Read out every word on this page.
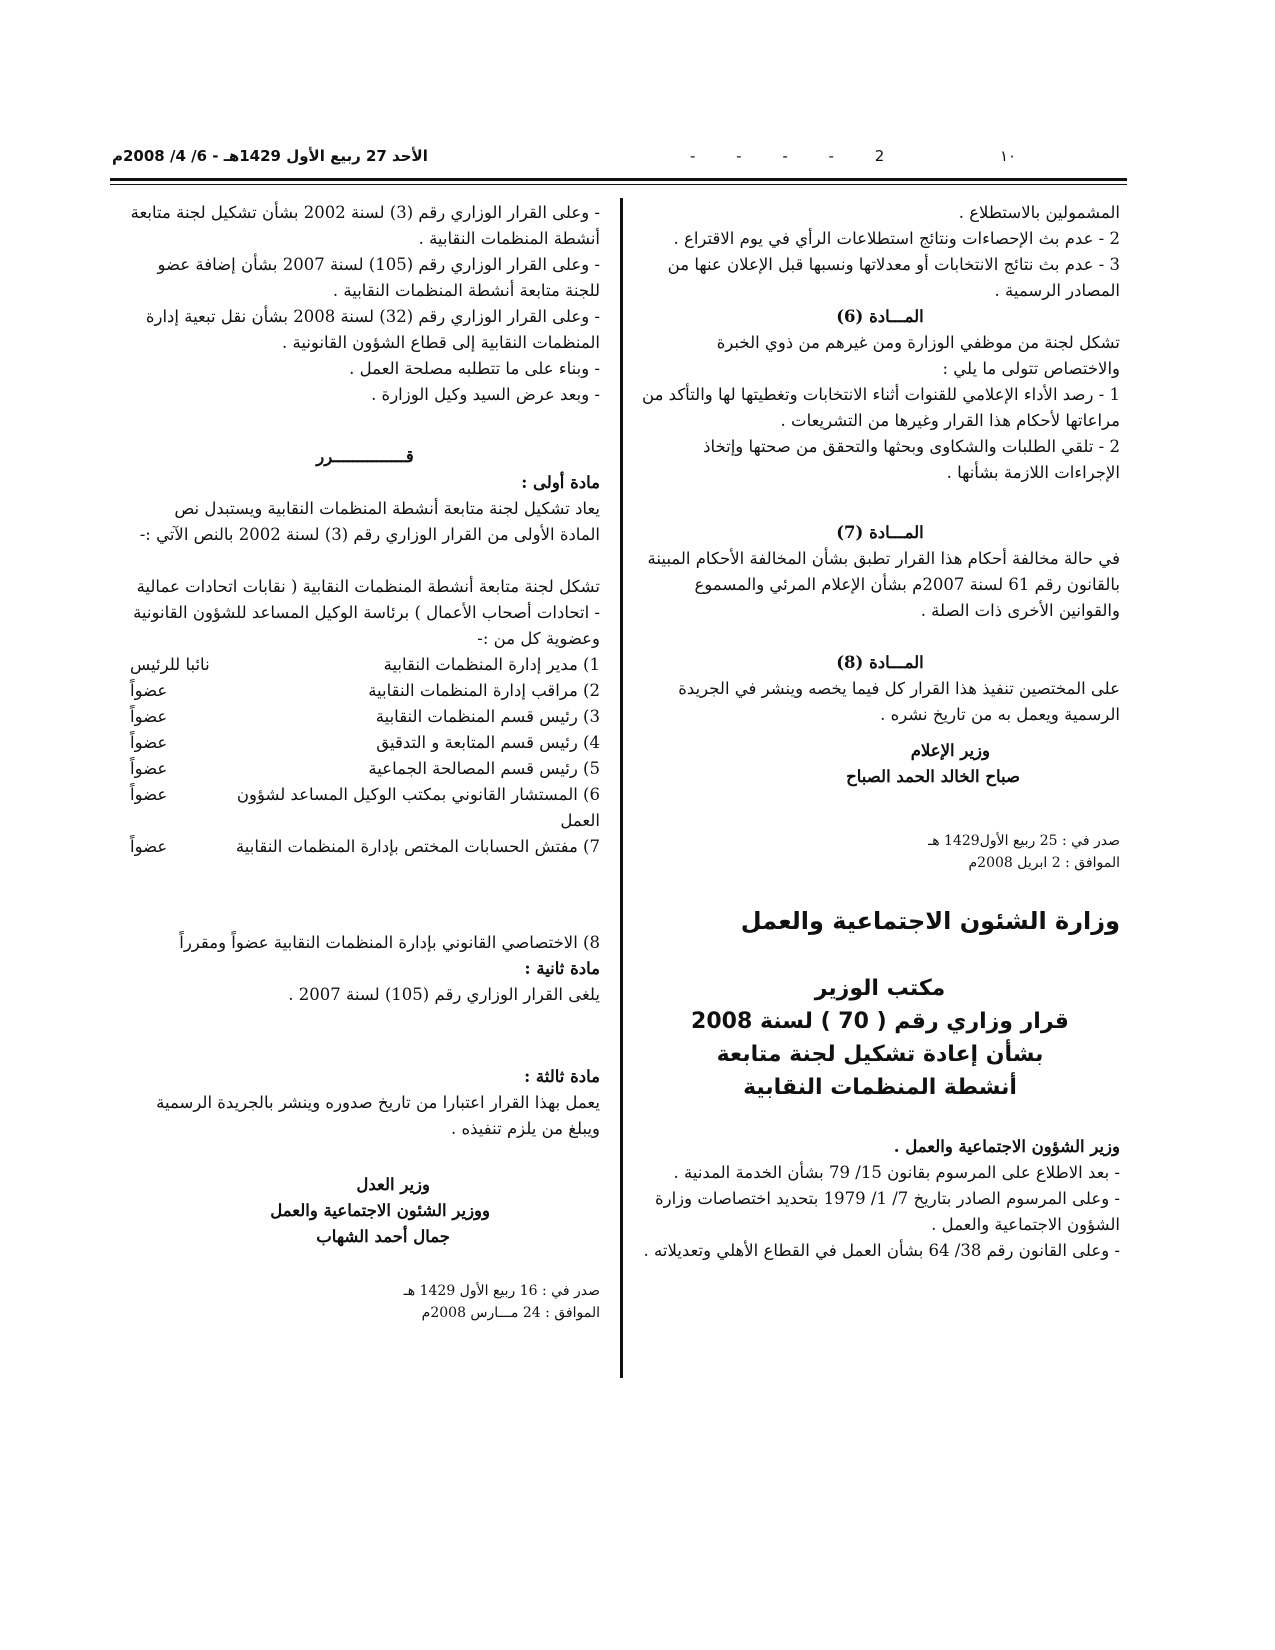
الأحد 27 ربيع الأول 1429هـ - 6/ 4/ 2008م	2 - - - -	١٠

المشمولين بالاستطلاع .

2 - عدم بث الإحصاءات ونتائج استطلاعات الرأي في يوم الاقتراع .

3 - عدم بث نتائج الانتخابات أو معدلاتها ونسبها قبل الإعلان عنها من المصادر الرسمية .

المـــادة (6)

تشكل لجنة من موظفي الوزارة ومن غيرهم من ذوي الخبرة والاختصاص تتولى ما يلي :

1 - رصد الأداء الإعلامي للقنوات أثناء الانتخابات وتغطيتها لها والتأكد من مراعاتها لأحكام هذا القرار وغيرها من التشريعات .

2 - تلقي الطلبات والشكاوى وبحثها والتحقق من صحتها وإتخاذ الإجراءات اللازمة بشأنها .

المـــادة (7)

في حالة مخالفة أحكام هذا القرار تطبق بشأن المخالفة الأحكام المبينة بالقانون رقم 61 لسنة 2007م بشأن الإعلام المرئي والمسموع والقوانين الأخرى ذات الصلة .

المـــادة (8)

على المختصين تنفيذ هذا القرار كل فيما يخصه وينشر في الجريدة الرسمية ويعمل به من تاريخ نشره .

وزير الإعلام

صباح الخالد الحمد الصباح

صدر في : 25 ربيع الأول1429 هـ

الموافق : 2 ابريل 2008م

وزارة الشئون الاجتماعية والعمل

مكتب الوزير

قرار وزاري رقم ( 70 ) لسنة 2008

بشأن إعادة تشكيل لجنة متابعة

أنشطة المنظمات النقابية

وزير الشؤون الاجتماعية والعمل .

- بعد الاطلاع على المرسوم بقانون 15/ 79 بشأن الخدمة المدنية .

- وعلى المرسوم الصادر بتاريخ 7/ 1/ 1979 بتحديد اختصاصات وزارة الشؤون الاجتماعية والعمل .

- وعلى القانون رقم 38/ 64 بشأن العمل في القطاع الأهلي وتعديلاته .

- وعلى القرار الوزاري رقم (3) لسنة 2002 بشأن تشكيل لجنة متابعة أنشطة المنظمات النقابية .

- وعلى القرار الوزاري رقم (105) لسنة 2007 بشأن إضافة عضو للجنة متابعة أنشطة المنظمات النقابية .

- وعلى القرار الوزاري رقم (32) لسنة 2008 بشأن نقل تبعية إدارة المنظمات النقابية إلى قطاع الشؤون القانونية .

- وبناء على ما تتطلبه مصلحة العمل .

- وبعد عرض السيد وكيل الوزارة .

قـــــــــــــــرر

مادة أولى :

يعاد تشكيل لجنة متابعة أنشطة المنظمات النقابية ويستبدل نص المادة الأولى من القرار الوزاري رقم (3) لسنة 2002 بالنص الآتي :-

تشكل لجنة متابعة أنشطة المنظمات النقابية ( نقابات اتحادات عمالية - اتحادات أصحاب الأعمال ) برئاسة الوكيل المساعد للشؤون القانونية وعضوية كل من :-

1) مدير إدارة المنظمات النقابية
نائبا للرئيس
2) مراقب إدارة المنظمات النقابية
عضواً
3) رئيس قسم المنظمات النقابية
عضواً
4) رئيس قسم المتابعة و التدقيق
عضواً
5) رئيس قسم المصالحة الجماعية
عضواً
6) المستشار القانوني بمكتب الوكيل المساعد لشؤون العمل
عضواً
7) مفتش الحسابات المختص بإدارة المنظمات النقابية
عضواً

8) الاختصاصي القانوني بإدارة المنظمات النقابية عضواً ومقرراً

مادة ثانية :

يلغى القرار الوزاري رقم (105) لسنة 2007 .

مادة ثالثة :

يعمل بهذا القرار اعتبارا من تاريخ صدوره وينشر بالجريدة الرسمية ويبلغ من يلزم تنفيذه .

وزير العدل

ووزير الشئون الاجتماعية والعمل

جمال أحمد الشهاب

صدر في : 16 ربيع الأول 1429 هـ

الموافق : 24 مـــارس 2008م
